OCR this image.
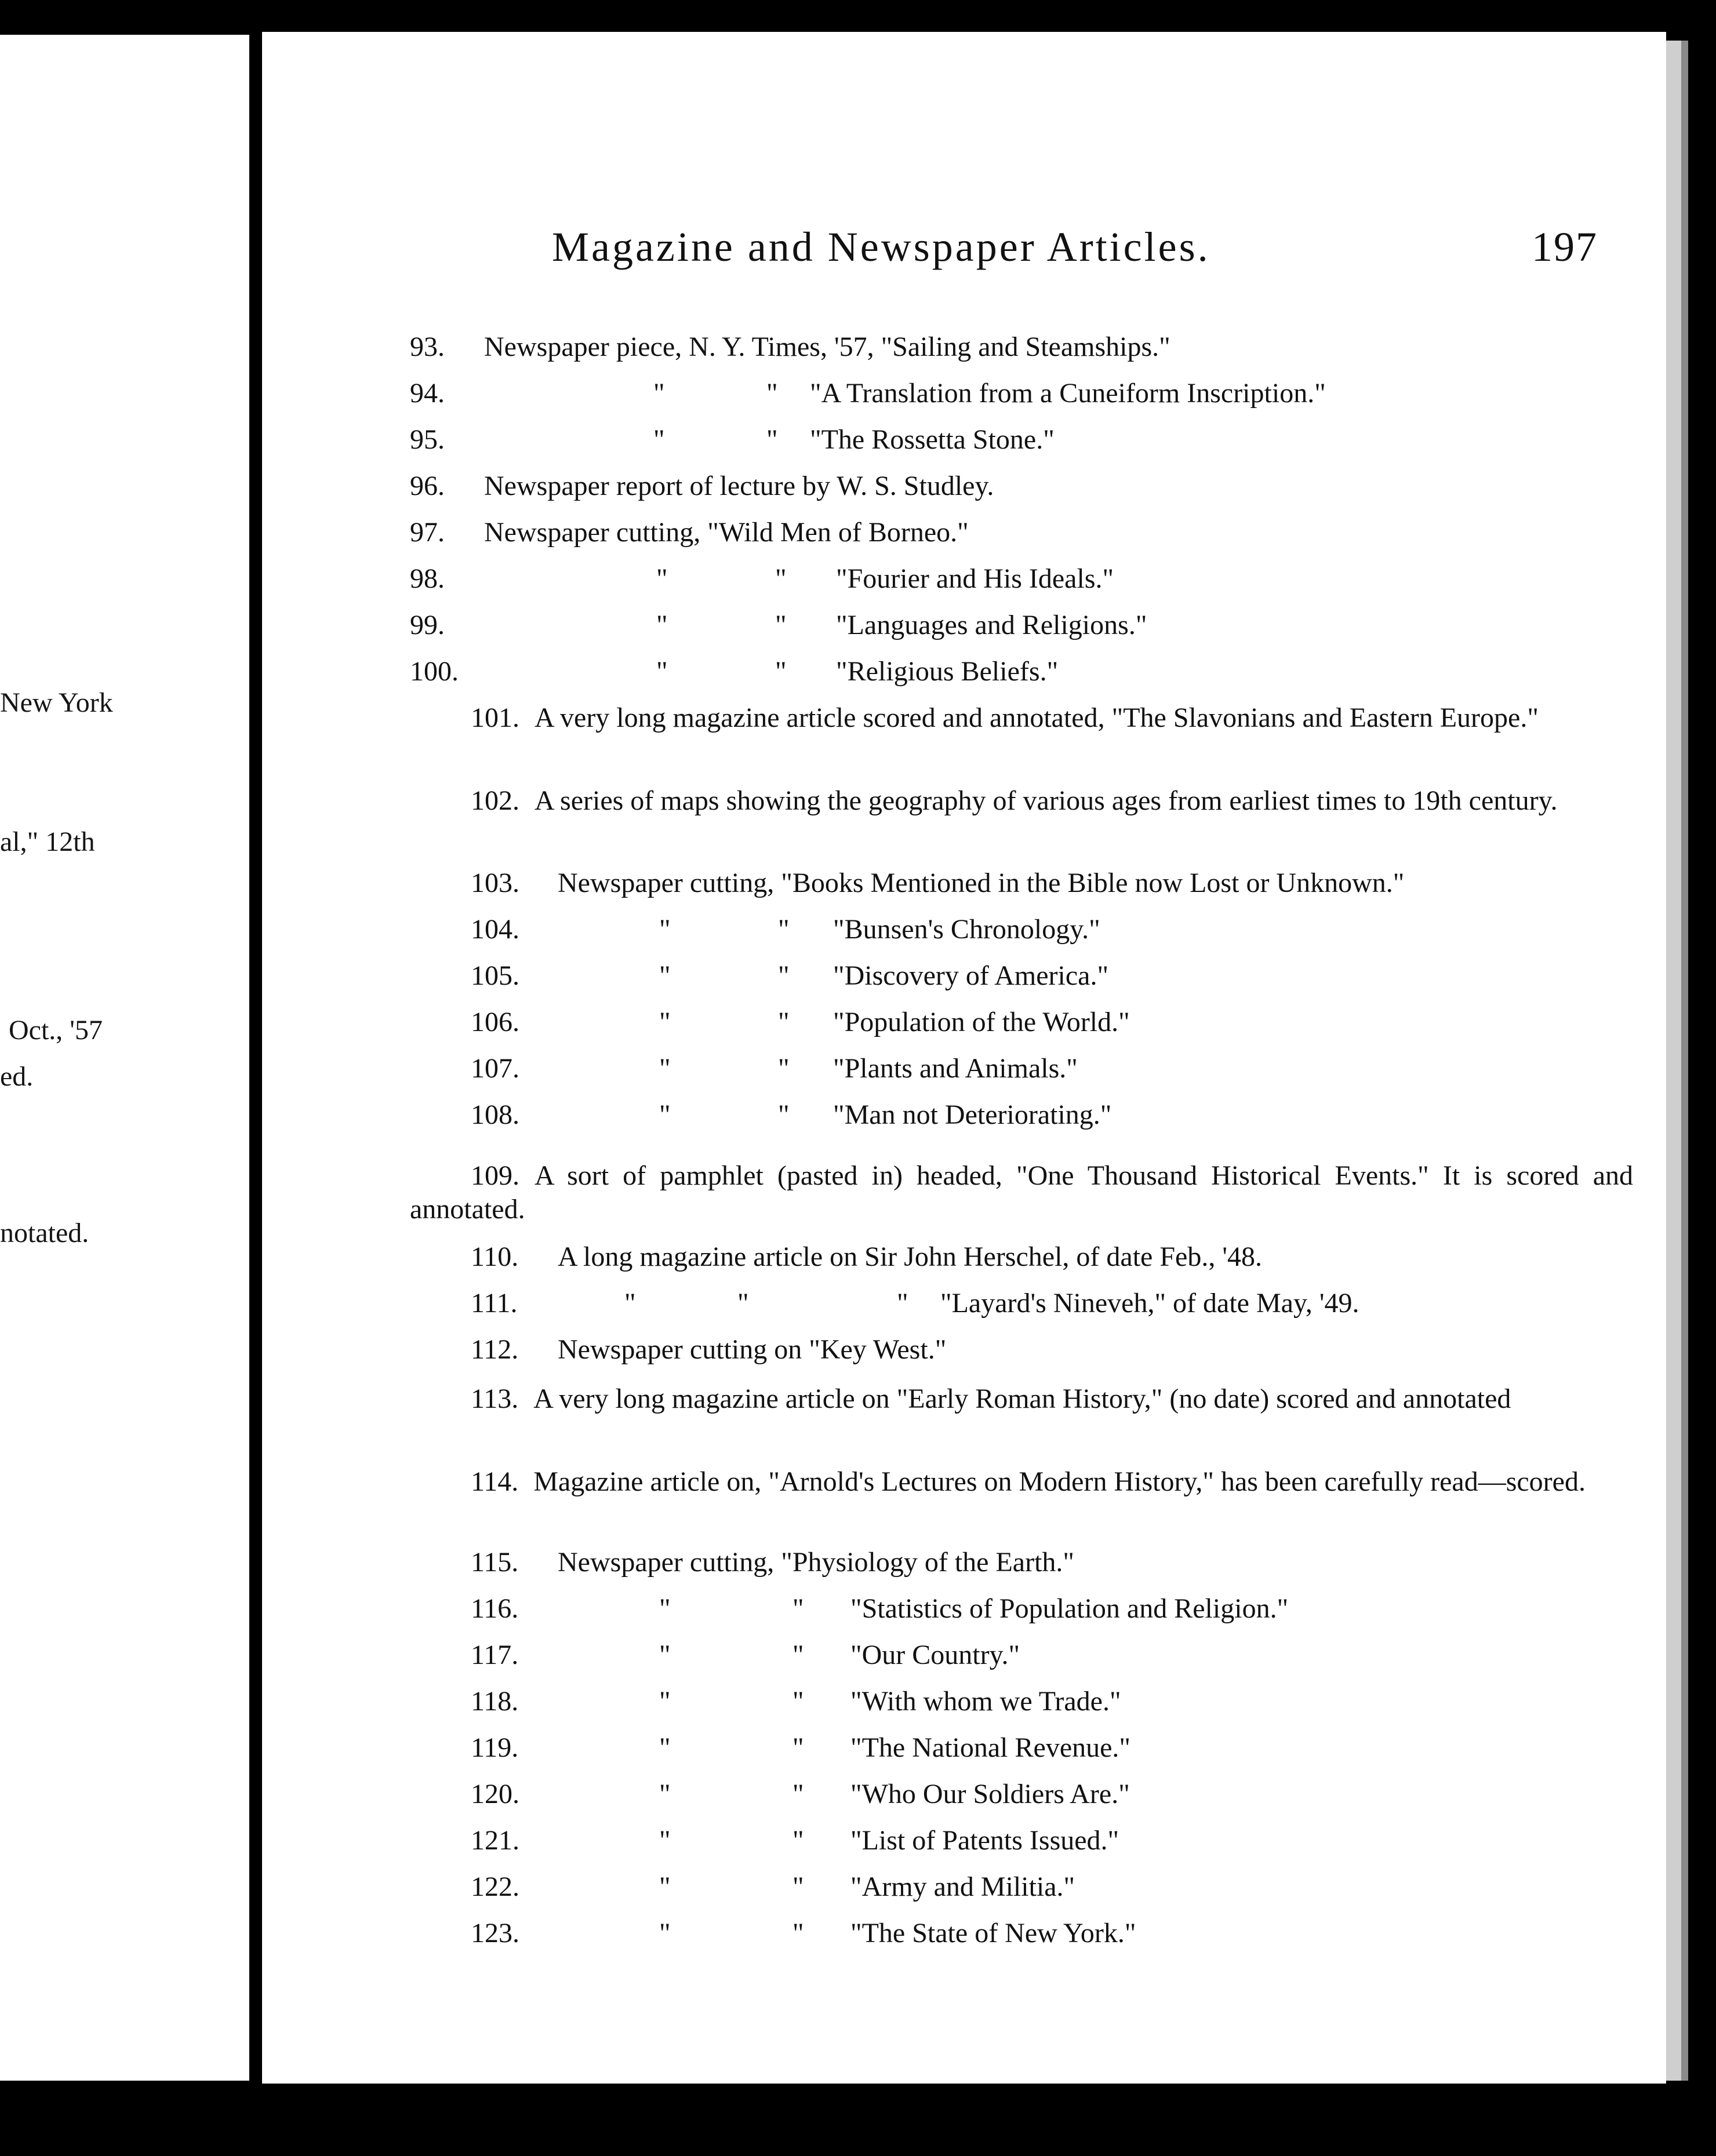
New York
al," 12th
Oct., '57
ed.
notated.
Magazine and Newspaper Articles.	197
93. Newspaper piece, N. Y. Times, '57, "Sailing and Steamships."
94.	"	" "A Translation from a Cuneiform Inscription."
95.	"	" "The Rossetta Stone."
96. Newspaper report of lecture by W. S. Studley.
97. Newspaper cutting, "Wild Men of Borneo."
98.	"	" "Fourier and His Ideals."
99.	"	" "Languages and Religions."
100.	"	" "Religious Beliefs."
101. A very long magazine article scored and annotated, "The Slavonians and Eastern Europe."
102. A series of maps showing the geography of various ages from earliest times to 19th century.
103. Newspaper cutting, "Books Mentioned in the Bible now Lost or Unknown."
104.	"	" "Bunsen's Chronology."
105.	"	" "Discovery of America."
106.	"	" "Population of the World."
107.	"	" "Plants and Animals."
108.	"	" "Man not Deteriorating."
109. A sort of pamphlet (pasted in) headed, "One Thousand Historical Events." It is scored and annotated.
110. A long magazine article on Sir John Herschel, of date Feb., '48.
111.	"	"	" "Layard's Nineveh," of date May, '49.
112. Newspaper cutting on "Key West."
113. A very long magazine article on "Early Roman History," (no date) scored and annotated
114. Magazine article on, "Arnold's Lectures on Modern History," has been carefully read—scored.
115. Newspaper cutting, "Physiology of the Earth."
116.	"	" "Statistics of Population and Religion."
117.	"	" "Our Country."
118.	"	" "With whom we Trade."
119.	"	" "The National Revenue."
120.	"	" "Who Our Soldiers Are."
121.	"	" "List of Patents Issued."
122.	"	" "Army and Militia."
123.	"	" "The State of New York."
